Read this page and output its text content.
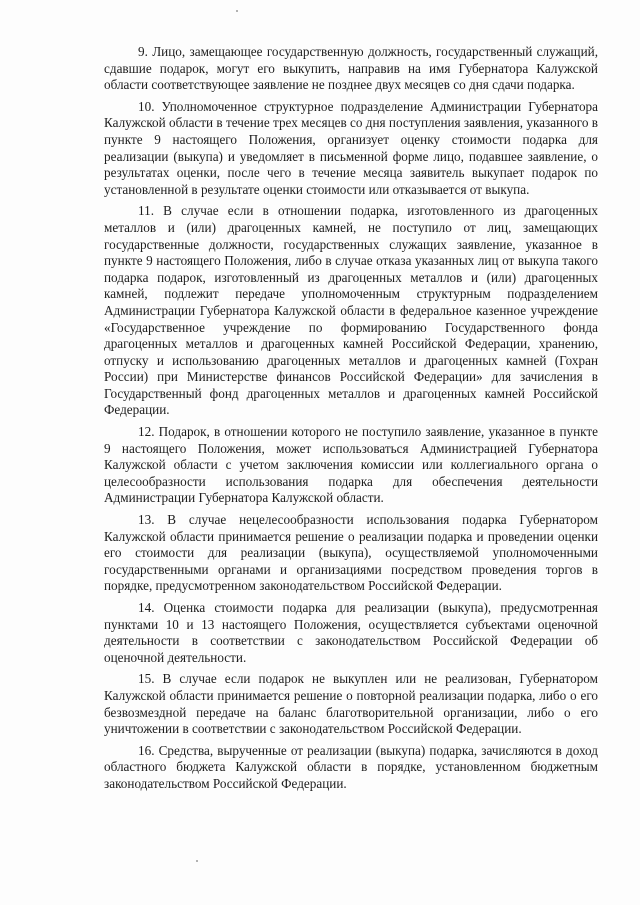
9. Лицо, замещающее государственную должность, государственный служащий, сдавшие подарок, могут его выкупить, направив на имя Губернатора Калужской области соответствующее заявление не позднее двух месяцев со дня сдачи подарка.

10. Уполномоченное структурное подразделение Администрации Губернатора Калужской области в течение трех месяцев со дня поступления заявления, указанного в пункте 9 настоящего Положения, организует оценку стоимости подарка для реализации (выкупа) и уведомляет в письменной форме лицо, подавшее заявление, о результатах оценки, после чего в течение месяца заявитель выкупает подарок по установленной в результате оценки стоимости или отказывается от выкупа.

11. В случае если в отношении подарка, изготовленного из драгоценных металлов и (или) драгоценных камней, не поступило от лиц, замещающих государственные должности, государственных служащих заявление, указанное в пункте 9 настоящего Положения, либо в случае отказа указанных лиц от выкупа такого подарка подарок, изготовленный из драгоценных металлов и (или) драгоценных камней, подлежит передаче уполномоченным структурным подразделением Администрации Губернатора Калужской области в федеральное казенное учреждение «Государственное учреждение по формированию Государственного фонда драгоценных металлов и драгоценных камней Российской Федерации, хранению, отпуску и использованию драгоценных металлов и драгоценных камней (Гохран России) при Министерстве финансов Российской Федерации» для зачисления в Государственный фонд драгоценных металлов и драгоценных камней Российской Федерации.

12. Подарок, в отношении которого не поступило заявление, указанное в пункте 9 настоящего Положения, может использоваться Администрацией Губернатора Калужской области с учетом заключения комиссии или коллегиального органа о целесообразности использования подарка для обеспечения деятельности Администрации Губернатора Калужской области.

13. В случае нецелесообразности использования подарка Губернатором Калужской области принимается решение о реализации подарка и проведении оценки его стоимости для реализации (выкупа), осуществляемой уполномоченными государственными органами и организациями посредством проведения торгов в порядке, предусмотренном законодательством Российской Федерации.

14. Оценка стоимости подарка для реализации (выкупа), предусмотренная пунктами 10 и 13 настоящего Положения, осуществляется субъектами оценочной деятельности в соответствии с законодательством Российской Федерации об оценочной деятельности.

15. В случае если подарок не выкуплен или не реализован, Губернатором Калужской области принимается решение о повторной реализации подарка, либо о его безвозмездной передаче на баланс благотворительной организации, либо о его уничтожении в соответствии с законодательством Российской Федерации.

16. Средства, вырученные от реализации (выкупа) подарка, зачисляются в доход областного бюджета Калужской области в порядке, установленном бюджетным законодательством Российской Федерации.
